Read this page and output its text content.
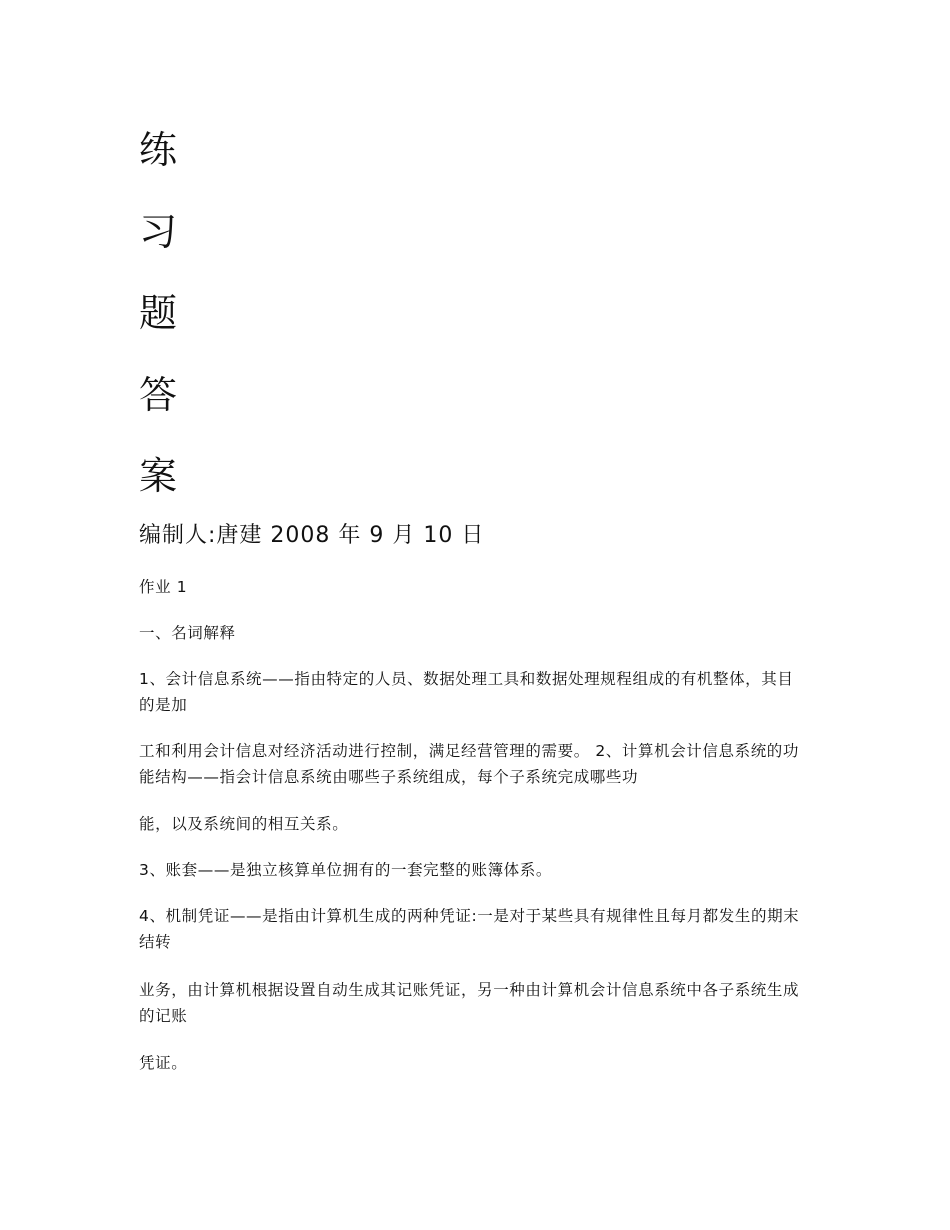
练
习
题
答
案
编制人:唐建 2008 年 9 月 10 日
作业 1
一、名词解释
1、会计信息系统——指由特定的人员、数据处理工具和数据处理规程组成的有机整体，其目的是加
工和利用会计信息对经济活动进行控制，满足经营管理的需要。 2、计算机会计信息系统的功能结构——指会计信息系统由哪些子系统组成，每个子系统完成哪些功
能，以及系统间的相互关系。
3、账套——是独立核算单位拥有的一套完整的账簿体系。
4、机制凭证——是指由计算机生成的两种凭证:一是对于某些具有规律性且每月都发生的期末结转
业务，由计算机根据设置自动生成其记账凭证，另一种由计算机会计信息系统中各子系统生成的记账
凭证。
